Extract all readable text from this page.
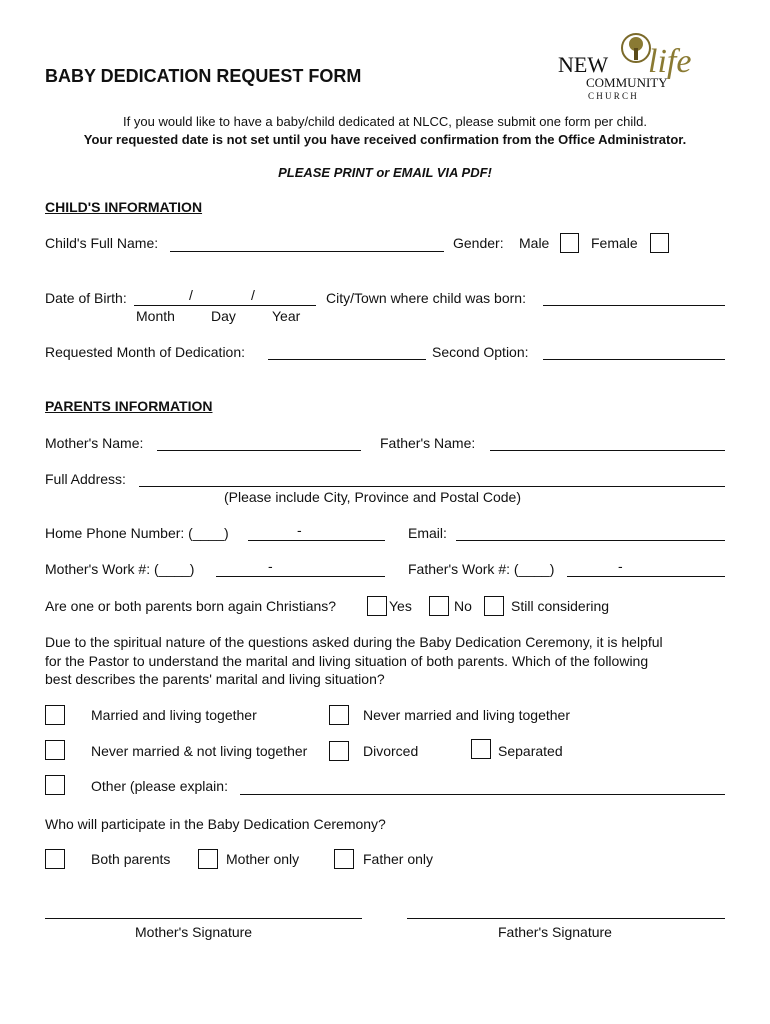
BABY DEDICATION REQUEST FORM	NEW life
COMMUNITY
C H U R C H
If you would like to have a baby/child dedicated at NLCC, please submit one form per child.
Your requested date is not set until you have received confirmation from the Office Administrator.
PLEASE PRINT or EMAIL VIA PDF!
CHILD'S INFORMATION
Child's Full Name:	Gender: Male	Female
Date of Birth:	/	/
Month	Day	Year
City/Town where child was born:
Requested Month of Dedication:	Second Option:
PARENTS INFORMATION
Mother's Name:	Father's Name:
Full Address:
(Please include City, Province and Postal Code)
Home Phone Number: (____)	-	Email:
Mother's Work #: (____)	-	Father's Work #: (____)	-
Are one or both parents born again Christians?	Yes	No	Still considering
Due to the spiritual nature of the questions asked during the Baby Dedication Ceremony, it is helpful
for the Pastor to understand the marital and living situation of both parents. Which of the following
best describes the parents' marital and living situation?
Married and living together	Never married and living together
Never married & not living together	Divorced	Separated
Other (please explain:
Who will participate in the Baby Dedication Ceremony?
Both parents	Mother only	Father only
Mother's Signature	Father's Signature
